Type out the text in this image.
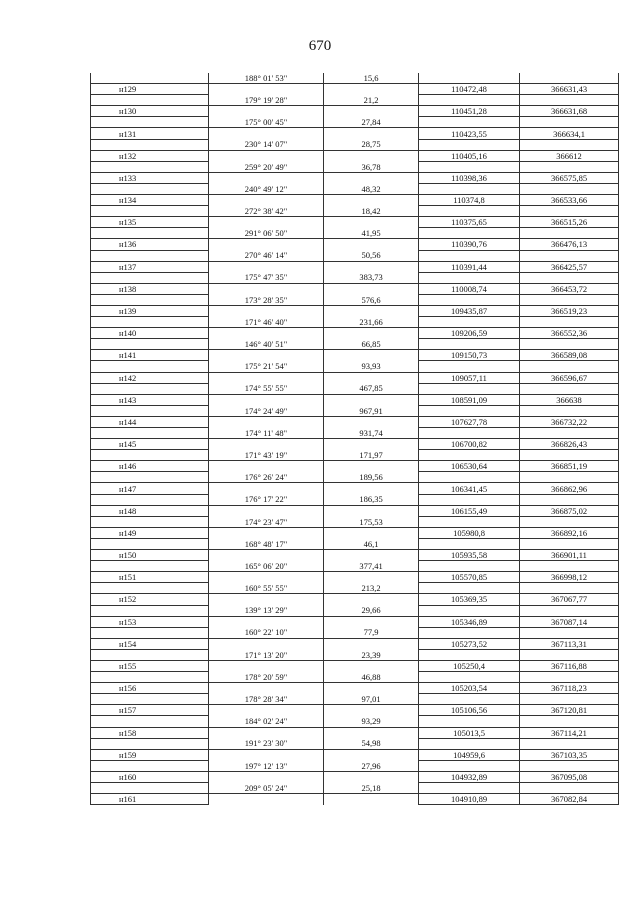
670
	188° 01' 53"	15,6		
н129			110472,48	366631,43
	179° 19' 28"	21,2		
н130			110451,28	366631,68
	175° 00' 45"	27,84		
н131			110423,55	366634,1
	230° 14' 07"	28,75		
н132			110405,16	366612
	259° 20' 49"	36,78		
н133			110398,36	366575,85
	240° 49' 12"	48,32		
н134			110374,8	366533,66
	272° 38' 42"	18,42		
н135			110375,65	366515,26
	291° 06' 50"	41,95		
н136			110390,76	366476,13
	270° 46' 14"	50,56		
н137			110391,44	366425,57
	175° 47' 35"	383,73		
н138			110008,74	366453,72
	173° 28' 35"	576,6		
н139			109435,87	366519,23
	171° 46' 40"	231,66		
н140			109206,59	366552,36
	146° 40' 51"	66,85		
н141			109150,73	366589,08
	175° 21' 54"	93,93		
н142			109057,11	366596,67
	174° 55' 55"	467,85		
н143			108591,09	366638
	174° 24' 49"	967,91		
н144			107627,78	366732,22
	174° 11' 48"	931,74		
н145			106700,82	366826,43
	171° 43' 19"	171,97		
н146			106530,64	366851,19
	176° 26' 24"	189,56		
н147			106341,45	366862,96
	176° 17' 22"	186,35		
н148			106155,49	366875,02
	174° 23' 47"	175,53		
н149			105980,8	366892,16
	168° 48' 17"	46,1		
н150			105935,58	366901,11
	165° 06' 20"	377,41		
н151			105570,85	366998,12
	160° 55' 55"	213,2		
н152			105369,35	367067,77
	139° 13' 29"	29,66		
н153			105346,89	367087,14
	160° 22' 10"	77,9		
н154			105273,52	367113,31
	171° 13' 20"	23,39		
н155			105250,4	367116,88
	178° 20' 59"	46,88		
н156			105203,54	367118,23
	178° 28' 34"	97,01		
н157			105106,56	367120,81
	184° 02' 24"	93,29		
н158			105013,5	367114,21
	191° 23' 30"	54,98		
н159			104959,6	367103,35
	197° 12' 13"	27,96		
н160			104932,89	367095,08
	209° 05' 24"	25,18		
н161			104910,89	367082,84
